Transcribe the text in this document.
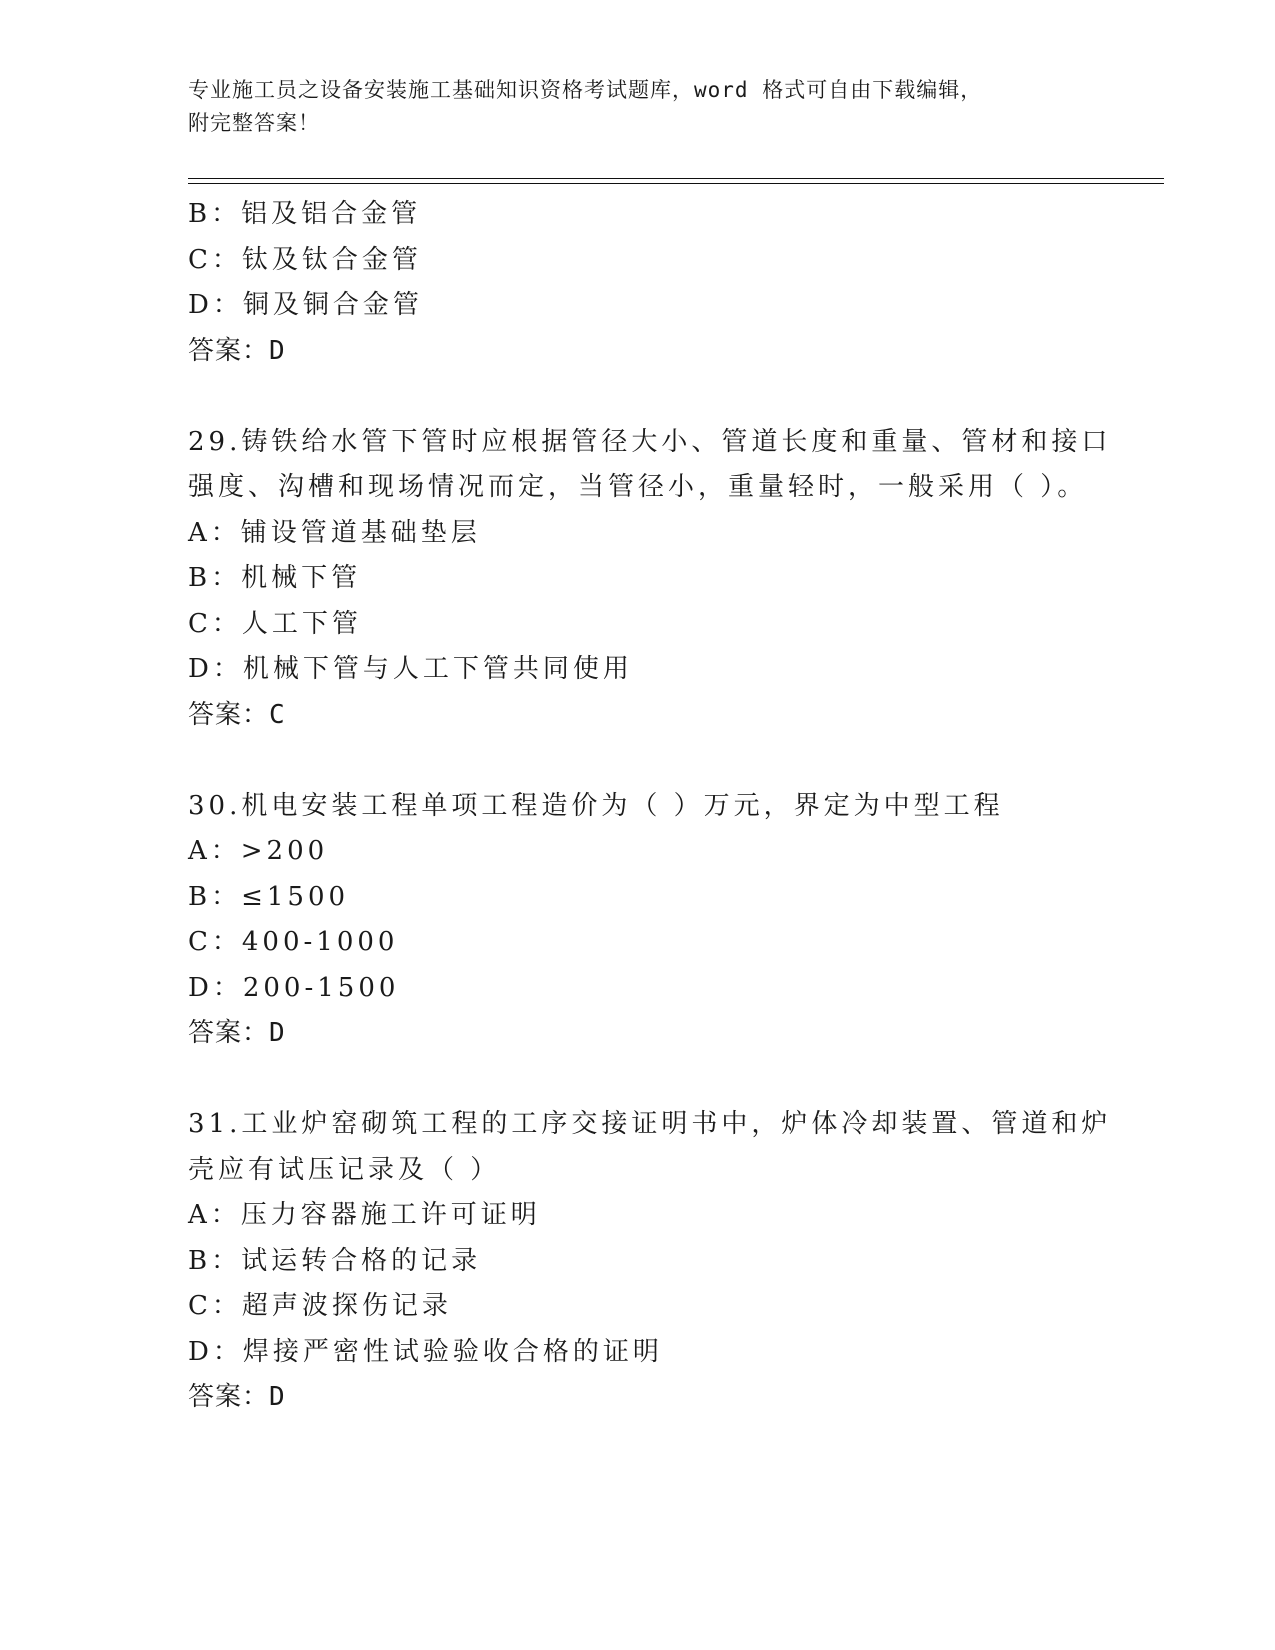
专业施工员之设备安装施工基础知识资格考试题库，word 格式可自由下载编辑，
附完整答案！
B：铝及铝合金管
C：钛及钛合金管
D：铜及铜合金管
答案：D
29.铸铁给水管下管时应根据管径大小、管道长度和重量、管材和接口
强度、沟槽和现场情况而定，当管径小，重量轻时，一般采用（ ）。
A：铺设管道基础垫层
B：机械下管
C：人工下管
D：机械下管与人工下管共同使用
答案：C
30.机电安装工程单项工程造价为（ ）万元，界定为中型工程
A：>200
B：≤1500
C：400-1000
D：200-1500
答案：D
31.工业炉窑砌筑工程的工序交接证明书中，炉体冷却装置、管道和炉
壳应有试压记录及（ ）
A：压力容器施工许可证明
B：试运转合格的记录
C：超声波探伤记录
D：焊接严密性试验验收合格的证明
答案：D
